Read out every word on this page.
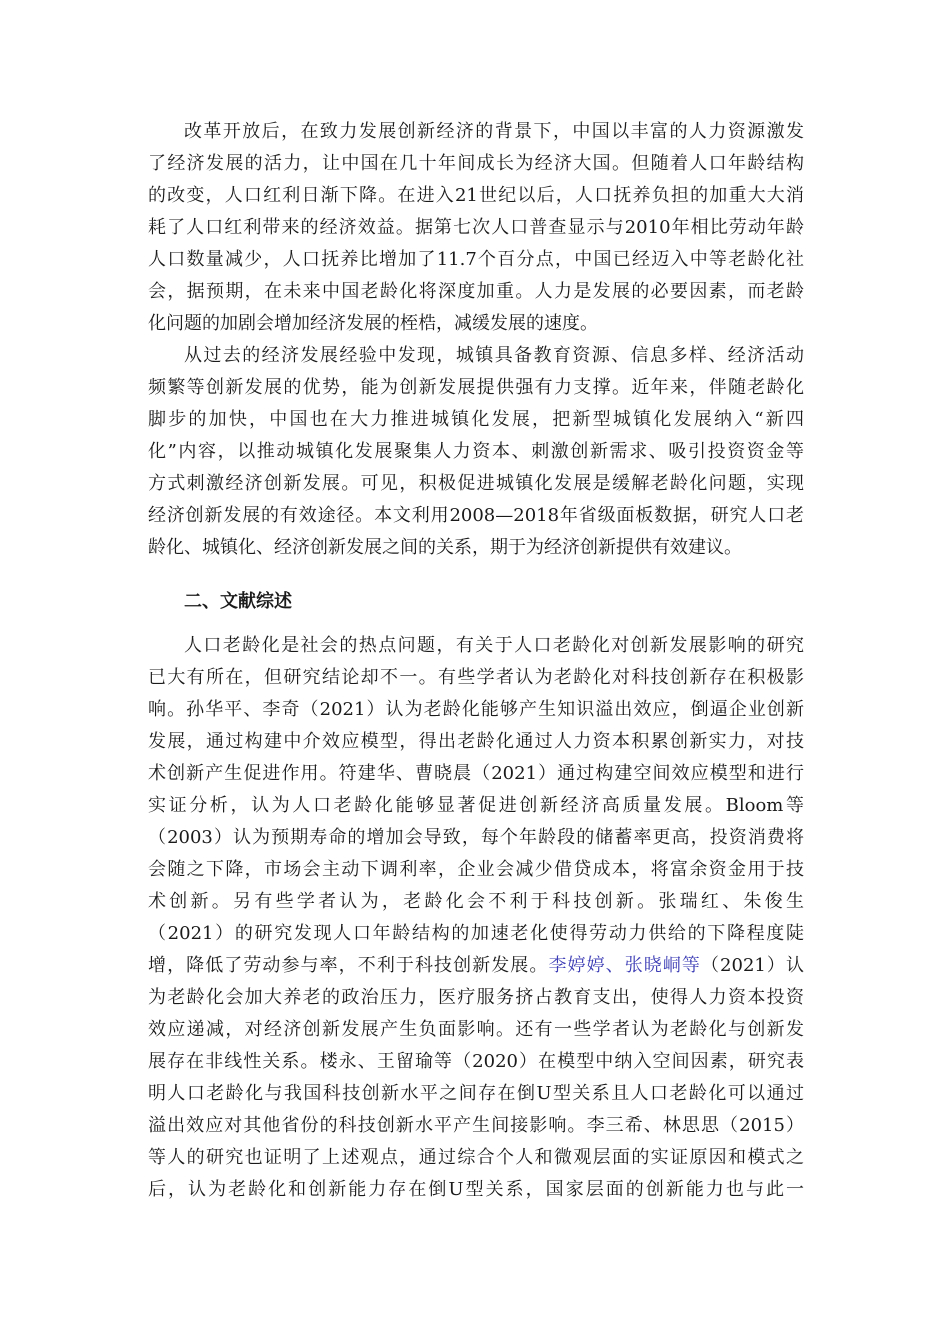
改革开放后，在致力发展创新经济的背景下，中国以丰富的人力资源激发
了经济发展的活力，让中国在几十年间成长为经济大国。但随着人口年龄结构
的改变，人口红利日渐下降。在进入21世纪以后，人口抚养负担的加重大大消
耗了人口红利带来的经济效益。据第七次人口普查显示与2010年相比劳动年龄
人口数量减少，人口抚养比增加了11.7个百分点，中国已经迈入中等老龄化社
会，据预期，在未来中国老龄化将深度加重。人力是发展的必要因素，而老龄
化问题的加剧会增加经济发展的桎梏，减缓发展的速度。
从过去的经济发展经验中发现，城镇具备教育资源、信息多样、经济活动
频繁等创新发展的优势，能为创新发展提供强有力支撑。近年来，伴随老龄化
脚步的加快，中国也在大力推进城镇化发展，把新型城镇化发展纳入“新四
化”内容，以推动城镇化发展聚集人力资本、刺激创新需求、吸引投资资金等
方式刺激经济创新发展。可见，积极促进城镇化发展是缓解老龄化问题，实现
经济创新发展的有效途径。本文利用2008—2018年省级面板数据，研究人口老
龄化、城镇化、经济创新发展之间的关系，期于为经济创新提供有效建议。
二、文献综述
人口老龄化是社会的热点问题，有关于人口老龄化对创新发展影响的研究
已大有所在，但研究结论却不一。有些学者认为老龄化对科技创新存在积极影
响。孙华平、李奇（2021）认为老龄化能够产生知识溢出效应，倒逼企业创新
发展，通过构建中介效应模型，得出老龄化通过人力资本积累创新实力，对技
术创新产生促进作用。符建华、曹晓晨（2021）通过构建空间效应模型和进行
实证分析，认为人口老龄化能够显著促进创新经济高质量发展。Bloom等
（2003）认为预期寿命的增加会导致，每个年龄段的储蓄率更高，投资消费将
会随之下降，市场会主动下调利率，企业会减少借贷成本，将富余资金用于技
术创新。另有些学者认为，老龄化会不利于科技创新。张瑞红、朱俊生
（2021）的研究发现人口年龄结构的加速老化使得劳动力供给的下降程度陡
增，降低了劳动参与率，不利于科技创新发展。李婷婷、张晓峒等（2021）认
为老龄化会加大养老的政治压力，医疗服务挤占教育支出，使得人力资本投资
效应递减，对经济创新发展产生负面影响。还有一些学者认为老龄化与创新发
展存在非线性关系。楼永、王留瑜等（2020）在模型中纳入空间因素，研究表
明人口老龄化与我国科技创新水平之间存在倒U型关系且人口老龄化可以通过
溢出效应对其他省份的科技创新水平产生间接影响。李三希、林思思（2015）
等人的研究也证明了上述观点，通过综合个人和微观层面的实证原因和模式之
后，认为老龄化和创新能力存在倒U型关系，国家层面的创新能力也与此一
